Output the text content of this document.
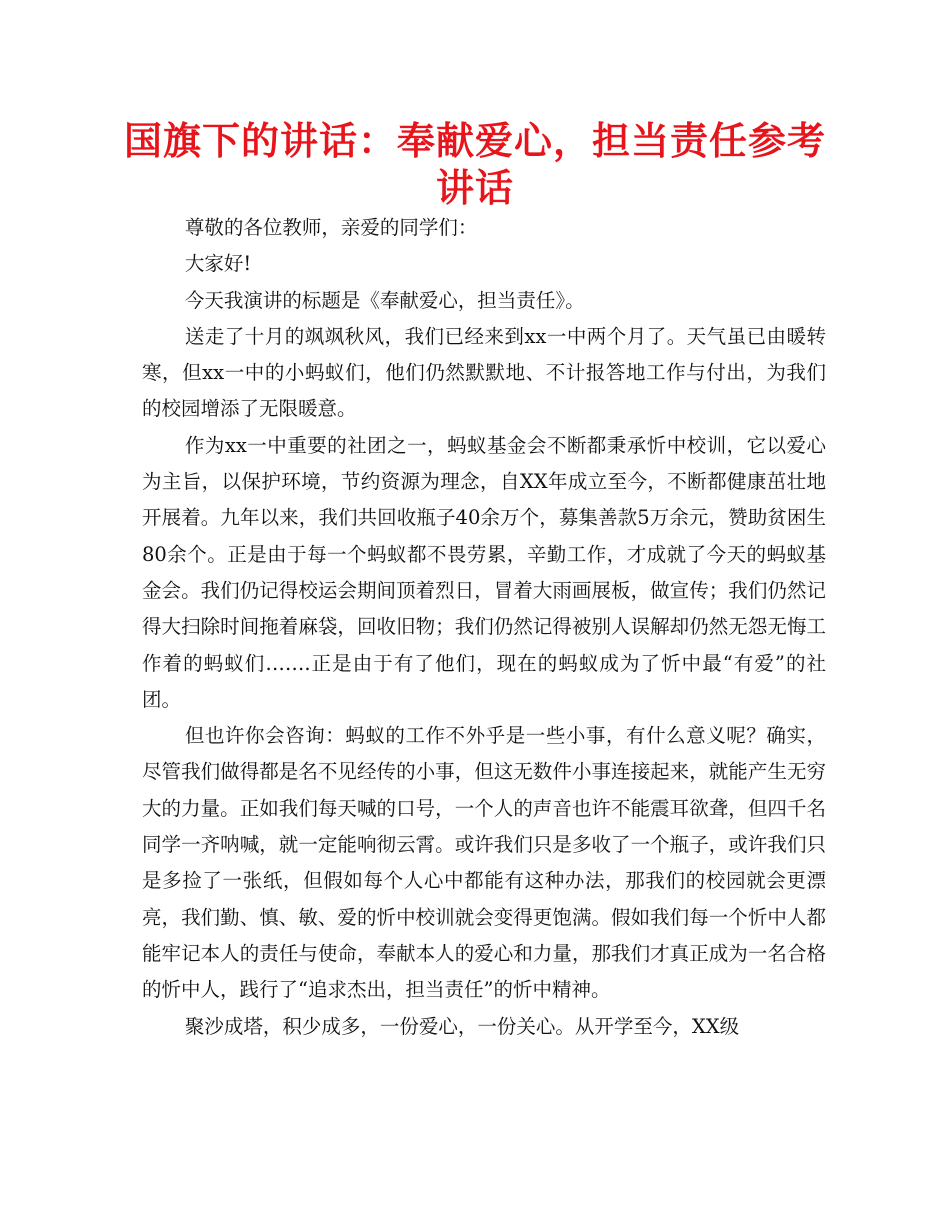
国旗下的讲话：奉献爱心，担当责任参考讲话

尊敬的各位教师，亲爱的同学们：

大家好!

今天我演讲的标题是《奉献爱心，担当责任》。

送走了十月的飒飒秋风，我们已经来到xx一中两个月了。天气虽已由暖转寒，但xx一中的小蚂蚁们，他们仍然默默地、不计报答地工作与付出，为我们的校园增添了无限暖意。

作为xx一中重要的社团之一，蚂蚁基金会不断都秉承忻中校训，它以爱心为主旨，以保护环境，节约资源为理念，自XX年成立至今，不断都健康茁壮地开展着。九年以来，我们共回收瓶子40余万个，募集善款5万余元，赞助贫困生80余个。正是由于每一个蚂蚁都不畏劳累，辛勤工作，才成就了今天的蚂蚁基金会。我们仍记得校运会期间顶着烈日，冒着大雨画展板，做宣传；我们仍然记得大扫除时间拖着麻袋，回收旧物；我们仍然记得被别人误解却仍然无怨无悔工作着的蚂蚁们…….正是由于有了他们，现在的蚂蚁成为了忻中最“有爱”的社团。

但也许你会咨询：蚂蚁的工作不外乎是一些小事，有什么意义呢？确实，尽管我们做得都是名不见经传的小事，但这无数件小事连接起来，就能产生无穷大的力量。正如我们每天喊的口号，一个人的声音也许不能震耳欲聋，但四千名同学一齐呐喊，就一定能响彻云霄。或许我们只是多收了一个瓶子，或许我们只是多捡了一张纸，但假如每个人心中都能有这种办法，那我们的校园就会更漂亮，我们勤、慎、敏、爱的忻中校训就会变得更饱满。假如我们每一个忻中人都能牢记本人的责任与使命，奉献本人的爱心和力量，那我们才真正成为一名合格的忻中人，践行了“追求杰出，担当责任”的忻中精神。

聚沙成塔，积少成多，一份爱心，一份关心。从开学至今，XX级
